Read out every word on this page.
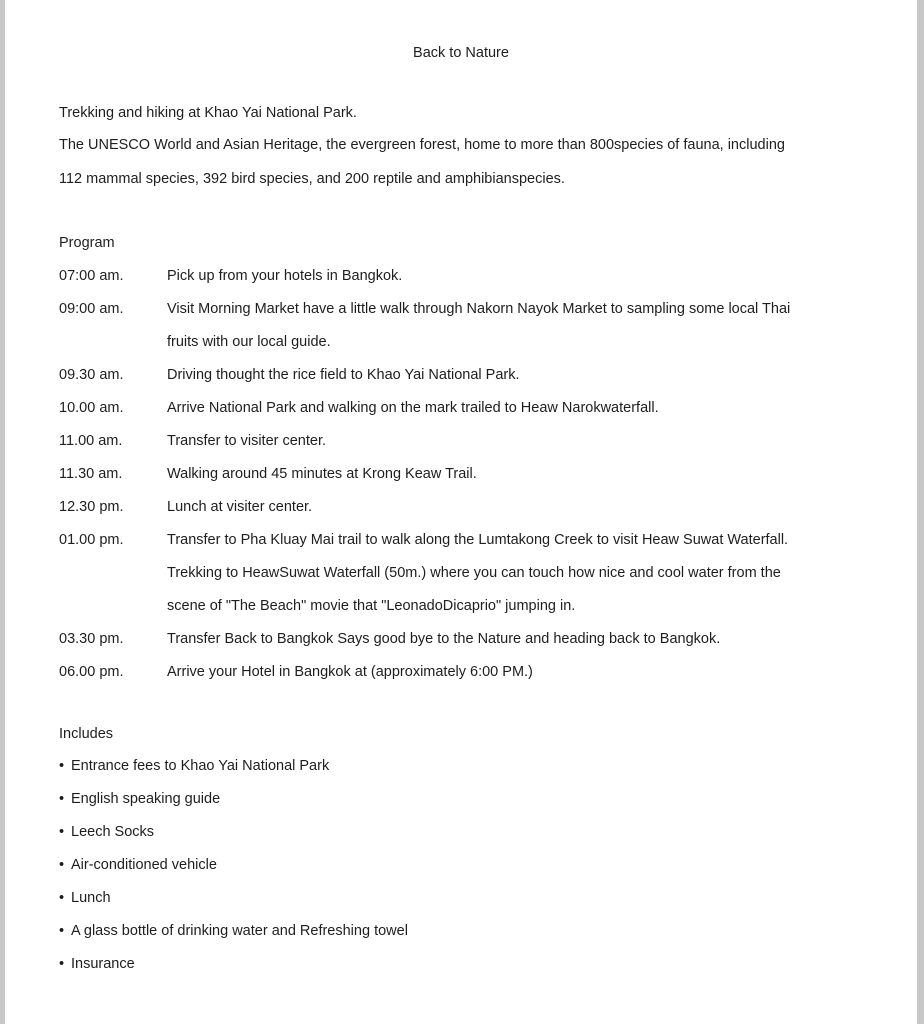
Back to Nature
Trekking and hiking at Khao Yai National Park.

The UNESCO World and Asian Heritage, the evergreen forest, home to more than 800species of fauna, including
112 mammal species, 392 bird species, and 200 reptile and amphibianspecies.

Program
07:00 am.	Pick up from your hotels in Bangkok.
09:00 am.	Visit Morning Market have a little walk through Nakorn Nayok Market to sampling some local Thai
fruits with our local guide.
09.30 am.	Driving thought the rice field to Khao Yai National Park.
10.00 am.	Arrive National Park and walking on the mark trailed to Heaw Narokwaterfall.
11.00 am.	Transfer to visiter center.
11.30 am.	Walking around 45 minutes at Krong Keaw Trail.
12.30 pm.	Lunch at visiter center.
01.00 pm.	Transfer to Pha Kluay Mai trail to walk along the Lumtakong Creek to visit Heaw Suwat Waterfall.
Trekking to HeawSuwat Waterfall (50m.) where you can touch how nice and cool water from the
scene of "The Beach" movie that "LeonadoDicaprio" jumping in.
03.30 pm.	Transfer Back to Bangkok Says good bye to the Nature and heading back to Bangkok.
06.00 pm.	Arrive your Hotel in Bangkok at (approximately 6:00 PM.)
Includes
• Entrance fees to Khao Yai National Park
• English speaking guide
• Leech Socks
• Air-conditioned vehicle
• Lunch
• A glass bottle of drinking water and Refreshing towel
• Insurance
